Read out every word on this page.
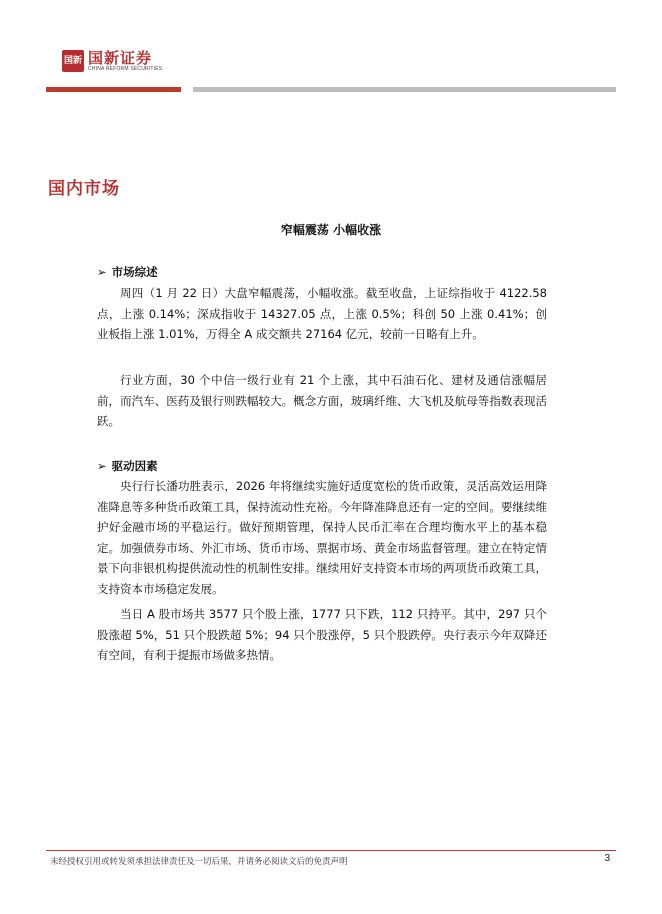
国新 国新证券
CHINA REFORM SECURITIES
国内市场
窄幅震荡 小幅收涨
➢ 市场综述
周四（1 月 22 日）大盘窄幅震荡，小幅收涨。截至收盘，上证综指收于 4122.58 点，上涨 0.14%；深成指收于 14327.05 点，上涨 0.5%；科创 50 上涨 0.41%；创业板指上涨 1.01%，万得全 A 成交额共 27164 亿元，较前一日略有上升。
行业方面，30 个中信一级行业有 21 个上涨，其中石油石化、建材及通信涨幅居前，而汽车、医药及银行则跌幅较大。概念方面，玻璃纤维、大飞机及航母等指数表现活跃。
➢ 驱动因素
央行行长潘功胜表示，2026 年将继续实施好适度宽松的货币政策，灵活高效运用降准降息等多种货币政策工具，保持流动性充裕。今年降准降息还有一定的空间。要继续维护好金融市场的平稳运行。做好预期管理，保持人民币汇率在合理均衡水平上的基本稳定。加强债券市场、外汇市场、货币市场、票据市场、黄金市场监督管理。建立在特定情景下向非银机构提供流动性的机制性安排。继续用好支持资本市场的两项货币政策工具，支持资本市场稳定发展。
当日 A 股市场共 3577 只个股上涨，1777 只下跌，112 只持平。其中，297 只个股涨超 5%，51 只个股跌超 5%；94 只个股涨停，5 只个股跌停。央行表示今年双降还有空间，有利于提振市场做多热情。
未经授权引用或转发须承担法律责任及一切后果，并请务必阅读文后的免责声明	3
